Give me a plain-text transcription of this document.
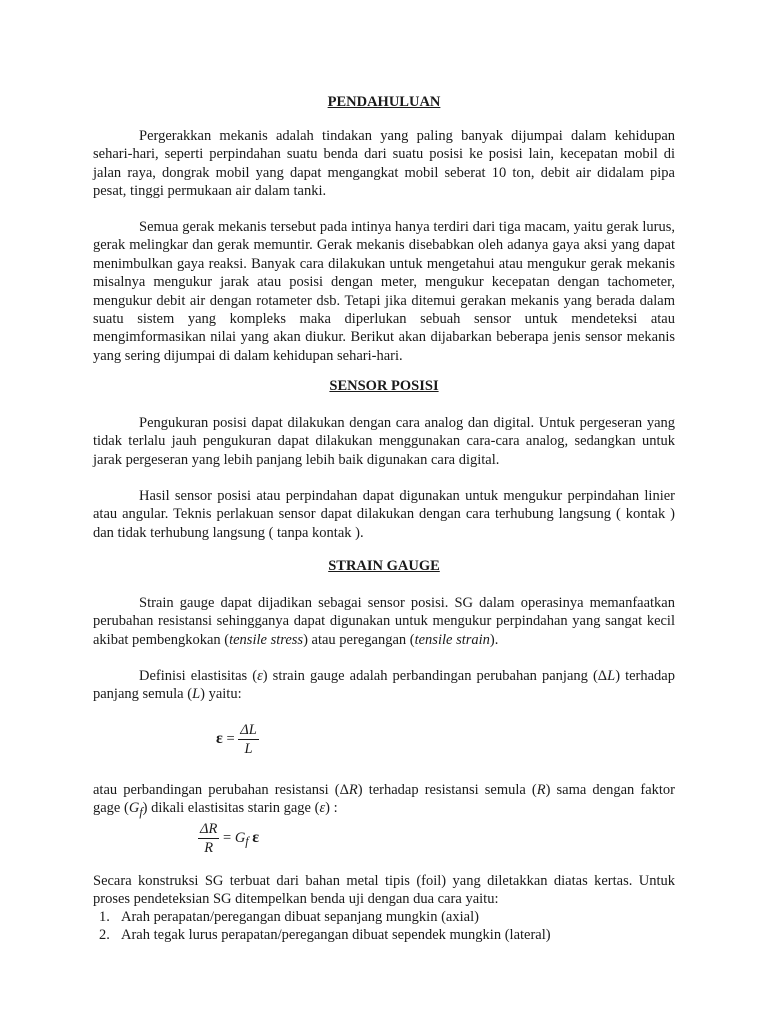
PENDAHULUAN

Pergerakkan mekanis adalah tindakan yang paling banyak dijumpai dalam kehidupan sehari-hari, seperti perpindahan suatu benda dari suatu posisi ke posisi lain, kecepatan mobil di jalan raya, dongrak mobil yang dapat mengangkat mobil seberat 10 ton, debit air didalam pipa pesat, tinggi permukaan air dalam tanki.

Semua gerak mekanis tersebut pada intinya hanya terdiri dari tiga macam, yaitu gerak lurus, gerak melingkar dan gerak memuntir. Gerak mekanis disebabkan oleh adanya gaya aksi yang dapat menimbulkan gaya reaksi. Banyak cara dilakukan untuk mengetahui atau mengukur gerak mekanis misalnya mengukur jarak atau posisi dengan meter, mengukur kecepatan dengan tachometer, mengukur debit air dengan rotameter dsb. Tetapi jika ditemui gerakan mekanis yang berada dalam suatu sistem yang kompleks maka diperlukan sebuah sensor untuk mendeteksi atau mengimformasikan nilai yang akan diukur. Berikut akan dijabarkan beberapa jenis sensor mekanis yang sering dijumpai di dalam kehidupan sehari-hari.

SENSOR POSISI

Pengukuran posisi dapat dilakukan dengan cara analog dan digital. Untuk pergeseran yang tidak terlalu jauh pengukuran dapat dilakukan menggunakan cara-cara analog, sedangkan untuk jarak pergeseran yang lebih panjang lebih baik digunakan cara digital.

Hasil sensor posisi atau perpindahan dapat digunakan untuk mengukur perpindahan linier atau angular. Teknis perlakuan sensor dapat dilakukan dengan cara terhubung langsung ( kontak ) dan tidak terhubung langsung ( tanpa kontak ).

STRAIN GAUGE

Strain gauge dapat dijadikan sebagai sensor posisi. SG dalam operasinya memanfaatkan perubahan resistansi sehingganya dapat digunakan untuk mengukur perpindahan yang sangat kecil akibat pembengkokan (tensile stress) atau peregangan (tensile strain).

Definisi elastisitas (ε) strain gauge adalah perbandingan perubahan panjang (ΔL) terhadap panjang semula (L) yaitu:

$\varepsilon = \frac{\Delta L}{L}$

atau perbandingan perubahan resistansi (ΔR) terhadap resistansi semula (R) sama dengan faktor gage $(G_f)$ dikali elastisitas starin gage (ε) :

$\frac{\Delta R}{R} = G_f$ ε

Secara konstruksi SG terbuat dari bahan metal tipis (foil) yang diletakkan diatas kertas. Untuk proses pendeteksian SG ditempelkan benda uji dengan dua cara yaitu:

1. Arah perapatan/peregangan dibuat sepanjang mungkin (axial)
2. Arah tegak lurus perapatan/peregangan dibuat sependek mungkin (lateral)
